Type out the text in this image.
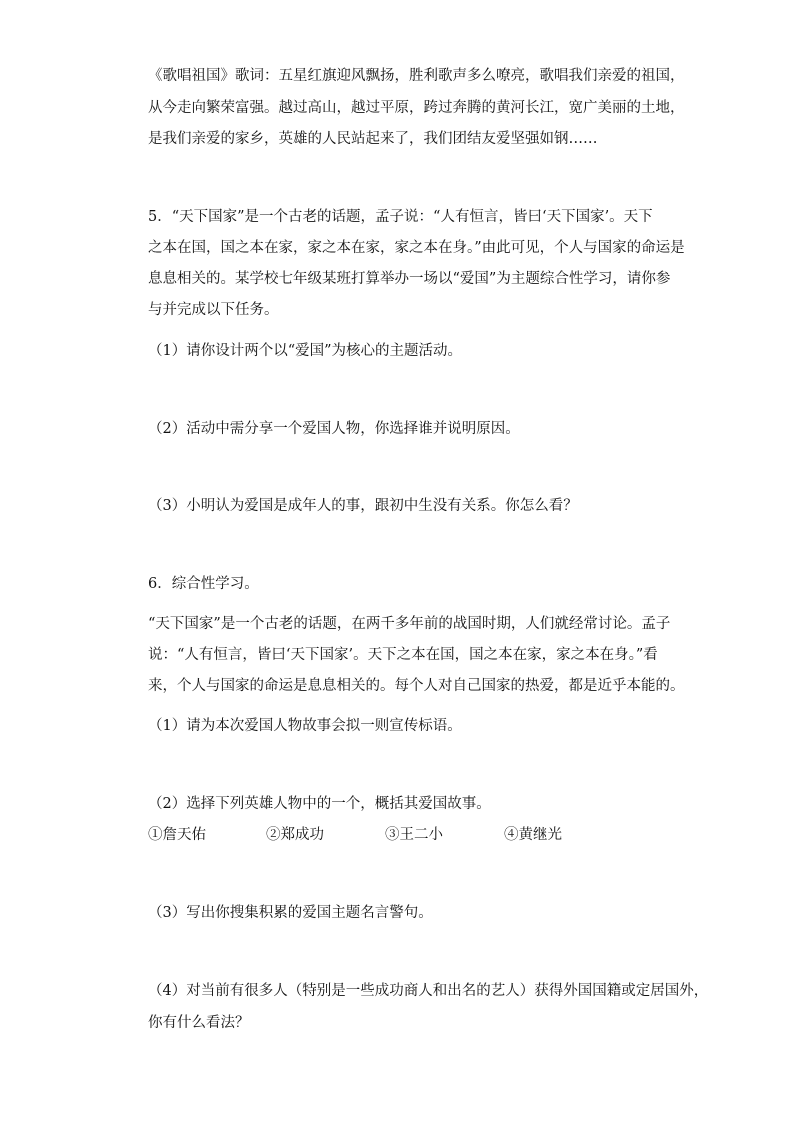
《歌唱祖国》歌词：五星红旗迎风飘扬，胜利歌声多么嘹亮，歌唱我们亲爱的祖国，
从今走向繁荣富强。越过高山，越过平原，跨过奔腾的黄河长江，宽广美丽的土地，
是我们亲爱的家乡，英雄的人民站起来了，我们团结友爱坚强如钢……
5．“天下国家”是一个古老的话题，孟子说：“人有恒言，皆曰‘天下国家’。天下
之本在国，国之本在家，家之本在家，家之本在身。”由此可见，个人与国家的命运是
息息相关的。某学校七年级某班打算举办一场以“爱国”为主题综合性学习，请你参
与并完成以下任务。
（1）请你设计两个以“爱国”为核心的主题活动。
（2）活动中需分享一个爱国人物，你选择谁并说明原因。
（3）小明认为爱国是成年人的事，跟初中生没有关系。你怎么看？
6．综合性学习。
“天下国家”是一个古老的话题，在两千多年前的战国时期，人们就经常讨论。孟子
说：“人有恒言，皆曰‘天下国家’。天下之本在国，国之本在家，家之本在身。”看
来，个人与国家的命运是息息相关的。每个人对自己国家的热爱，都是近乎本能的。
（1）请为本次爱国人物故事会拟一则宣传标语。
（2）选择下列英雄人物中的一个，概括其爱国故事。
①詹天佑	②郑成功	③王二小	④黄继光
（3）写出你搜集积累的爱国主题名言警句。
（4）对当前有很多人（特别是一些成功商人和出名的艺人）获得外国国籍或定居国外，
你有什么看法？
